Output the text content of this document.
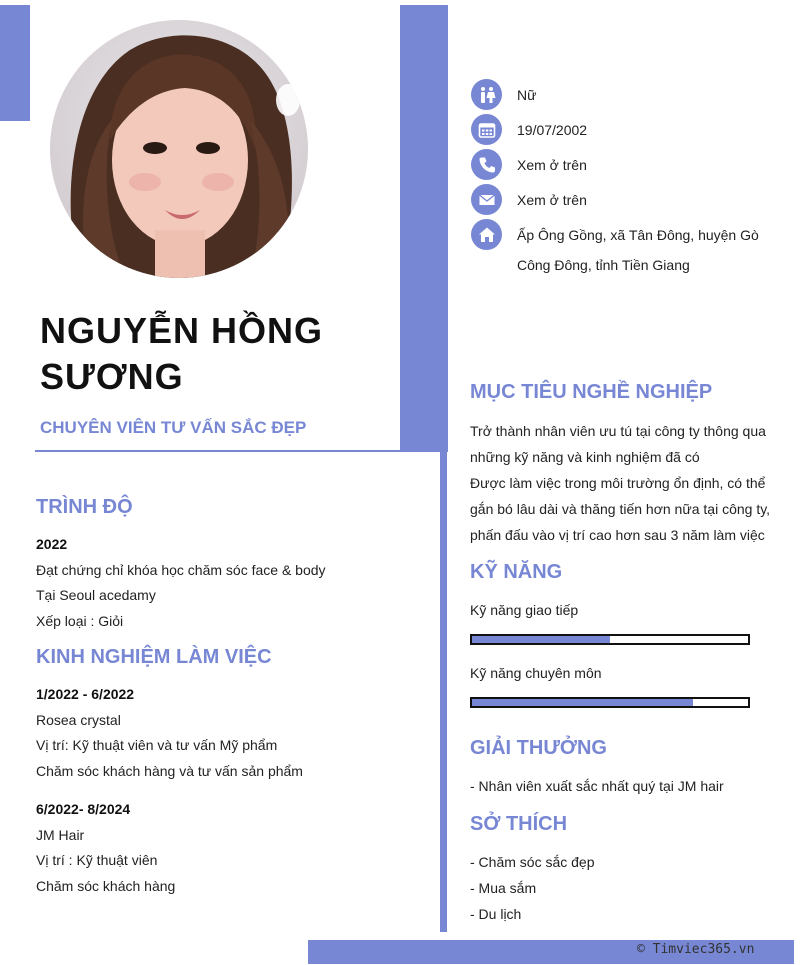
NGUYỄN HỒNG SƯƠNG
CHUYÊN VIÊN TƯ VẤN SẮC ĐẸP
Nữ
19/07/2002
Xem ở trên
Xem ở trên
Ấp Ông Gồng, xã Tân Đông, huyện Gò Công Đông, tỉnh Tiền Giang
TRÌNH ĐỘ
2022
Đạt chứng chỉ khóa học chăm sóc face & body
Tại Seoul acedamy
Xếp loại : Giỏi
KINH NGHIỆM LÀM VIỆC
1/2022 - 6/2022
Rosea crystal
Vị trí: Kỹ thuật viên và tư vấn Mỹ phẩm
Chăm sóc khách hàng và tư vấn sản phẩm
6/2022- 8/2024
JM Hair
Vị trí : Kỹ thuật viên
Chăm sóc khách hàng
MỤC TIÊU NGHỀ NGHIỆP
Trở thành nhân viên ưu tú tại công ty thông qua những kỹ năng và kinh nghiệm đã có
Được làm việc trong môi trường ổn định, có thể gắn bó lâu dài và thăng tiến hơn nữa tại công ty, phấn đấu vào vị trí cao hơn sau 3 năm làm việc
KỸ NĂNG
Kỹ năng giao tiếp
Kỹ năng chuyên môn
GIẢI THƯỞNG
- Nhân viên xuất sắc nhất quý tại JM hair
SỞ THÍCH
- Chăm sóc sắc đẹp
- Mua sắm
- Du lịch
© Timviec365.vn
